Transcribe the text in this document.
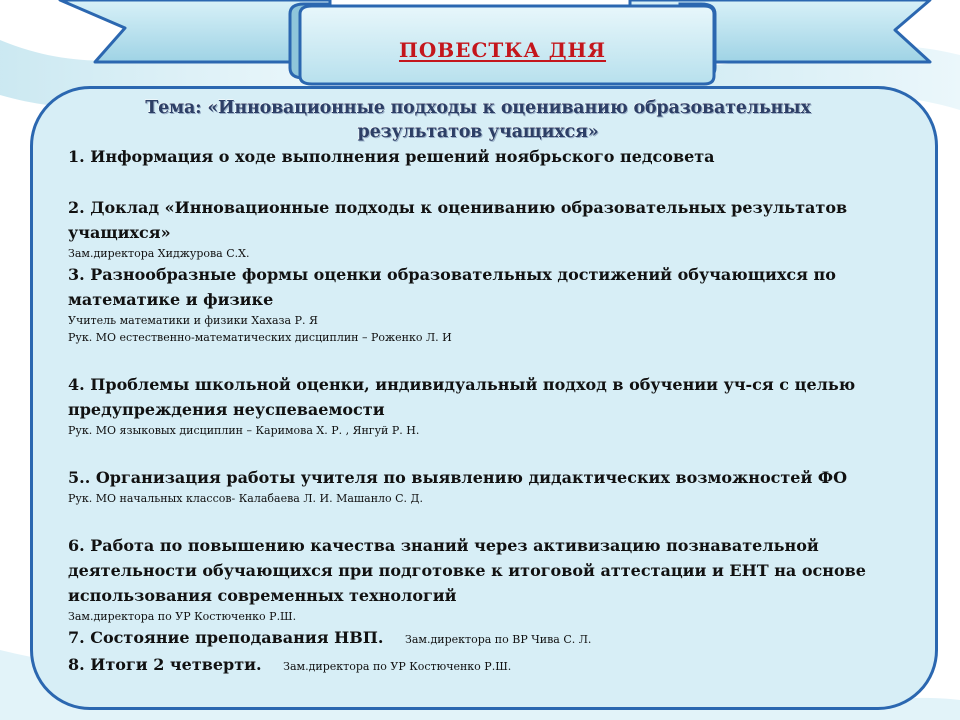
ПОВЕСТКА ДНЯ
Тема: «Инновационные подходы к оцениванию образовательных
результатов учащихся»
1. Информация о ходе выполнения решений ноябрьского педсовета
2. Доклад «Инновационные подходы к оцениванию образовательных результатов учащихся»
Зам.директора Хиджурова С.Х.
3. Разнообразные формы оценки образовательных достижений обучающихся по математике и физике
Учитель математики и физики Хахаза Р. Я
Рук. МО естественно-математических дисциплин – Роженко Л. И
4. Проблемы школьной оценки, индивидуальный подход в обучении уч-ся с целью предупреждения неуспеваемости
Рук. МО языковых дисциплин – Каримова Х. Р. , Янгуй Р. Н.
5.. Организация работы учителя по выявлению дидактических возможностей ФО
Рук. МО начальных классов- Калабаева Л. И. Машанло С. Д.
6. Работа по повышению качества знаний через активизацию познавательной деятельности обучающихся при подготовке к итоговой аттестации и ЕНТ на основе использования современных технологий
Зам.директора по УР Костюченко Р.Ш.
7. Состояние преподавания НВП. Зам.директора по ВР Чива С. Л.
8. Итоги 2 четверти. Зам.директора по УР Костюченко Р.Ш.
